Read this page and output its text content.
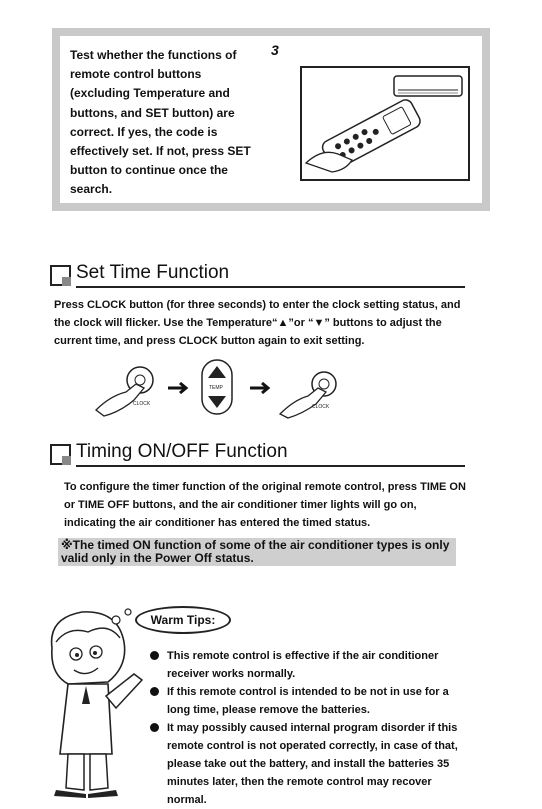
Test whether the functions of remote control buttons (excluding Temperature and buttons, and SET button) are correct. If yes, the code is effectively set. If not, press SET button to continue once the search.

3
Set Time Function

Press CLOCK button (for three seconds) to enter the clock setting status, and the clock will flicker. Use the Temperature“▲”or “▼” buttons to adjust the current time, and press CLOCK button again to exit setting.

CLOCK
TEMP
CLOCK
Timing ON/OFF Function

To configure the timer function of the original remote control, press TIME ON or TIME OFF buttons, and the air conditioner timer lights will go on, indicating the air conditioner has entered the timed status.

※The timed ON function of some of the air conditioner types is only valid only in the Power Off status.
Warm Tips:
This remote control is effective if the air conditioner receiver works normally.
If this remote control is intended to be not in use for a long time, please remove the batteries.
It may possibly caused internal program disorder if this remote control is not operated correctly, in case of that, please take out the battery, and install the batteries 35 minutes later, then the remote control may recover normal.
